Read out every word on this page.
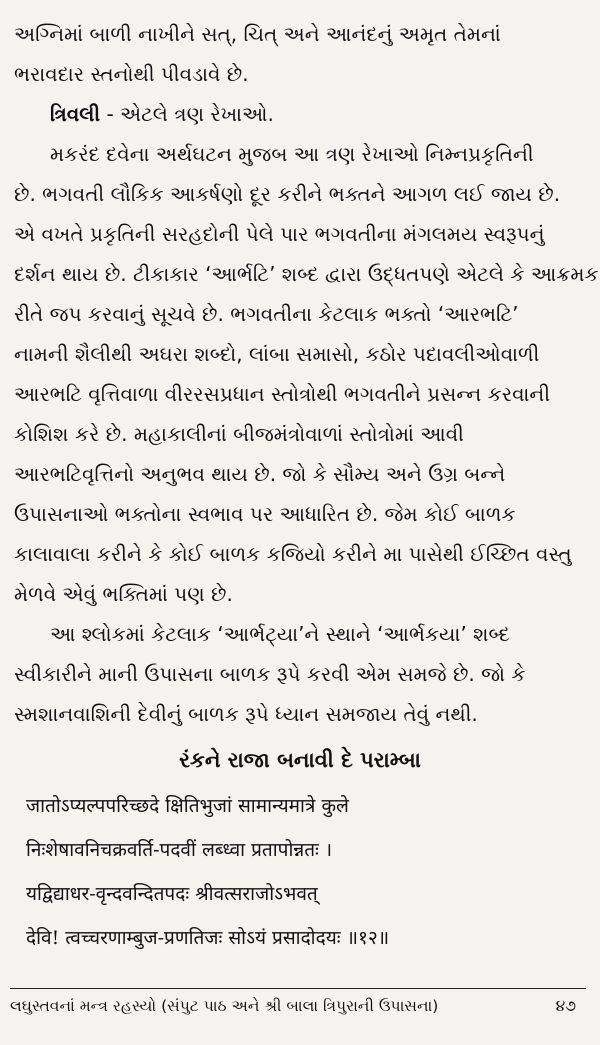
અગ્નિમાં બાળી નાખીને સત્, ચિત્ અને આનંદનું અમૃત તેમનાં
ભરાવદાર સ્તનોથી પીવડાવે છે.

ત્રિવલી - એટલે ત્રણ રેખાઓ.

મકરંદ દવેના અર્થઘટન મુજબ આ ત્રણ રેખાઓ નિમ્નપ્રકૃતિની
છે. ભગવતી લૌકિક આકર્ષણો દૂર કરીને ભક્તને આગળ લઈ જાય છે.
એ વખતે પ્રકૃતિની સરહદોની પેલે પાર ભગવતીના મંગલમય સ્વરૂપનું
દર્શન થાય છે. ટીકાકાર ‘આર્ભટિ’ શબ્દ દ્વારા ઉદ્ધતપણે એટલે કે આક્રમક
રીતે જપ કરવાનું સૂચવે છે. ભગવતીના કેટલાક ભક્તો ‘આરભટિ’
નામની શૈલીથી અઘરા શબ્દો, લાંબા સમાસો, કઠોર પદાવલીઓવાળી
આરભટિ વૃત્તિવાળા વીરરસપ્રધાન સ્તોત્રોથી ભગવતીને પ્રસન્ન કરવાની
કોશિશ કરે છે. મહાકાલીનાં બીજમંત્રોવાળાં સ્તોત્રોમાં આવી
આરભટિવૃત્તિનો અનુભવ થાય છે. જો કે સૌમ્ય અને ઉગ્ર બન્ને
ઉપાસનાઓ ભક્તોના સ્વભાવ પર આધારિત છે. જેમ કોઈ બાળક
કાલાવાલા કરીને કે કોઈ બાળક કજિયો કરીને મા પાસેથી ઈચ્છિત વસ્તુ
મેળવે એવું ભક્તિમાં પણ છે.

આ શ્લોકમાં કેટલાક ‘આર્ભટ્યા’ને સ્થાને ‘આર્ભકયા’ શબ્દ
સ્વીકારીને માની ઉપાસના બાળક રૂપે કરવી એમ સમજે છે. જો કે
સ્મશાનવાશિની દેવીનું બાળક રૂપે ધ્યાન સમજાય તેવું નથી.

રંકને રાજા બનાવી દે પરામ્બા
जातोऽप्यल्पपरिच्छदे क्षितिभुजां सामान्यमात्रे कुले
निःशेषावनिचक्रवर्ति-पदवीं लब्ध्वा प्रतापोन्नतः ।
यद्विद्याधर-वृन्दवन्दितपदः श्रीवत्सराजोऽभवत्
देवि! त्वच्चरणाम्बुज-प्रणतिजः सोऽयं प्रसादोदयः ॥१२॥
લઘુસ્તવનાં મન્ત્ર રહસ્યો (સંપુટ પાઠ અને શ્રી બાલા ત્રિપુરાની ઉપાસના)	૪૭
